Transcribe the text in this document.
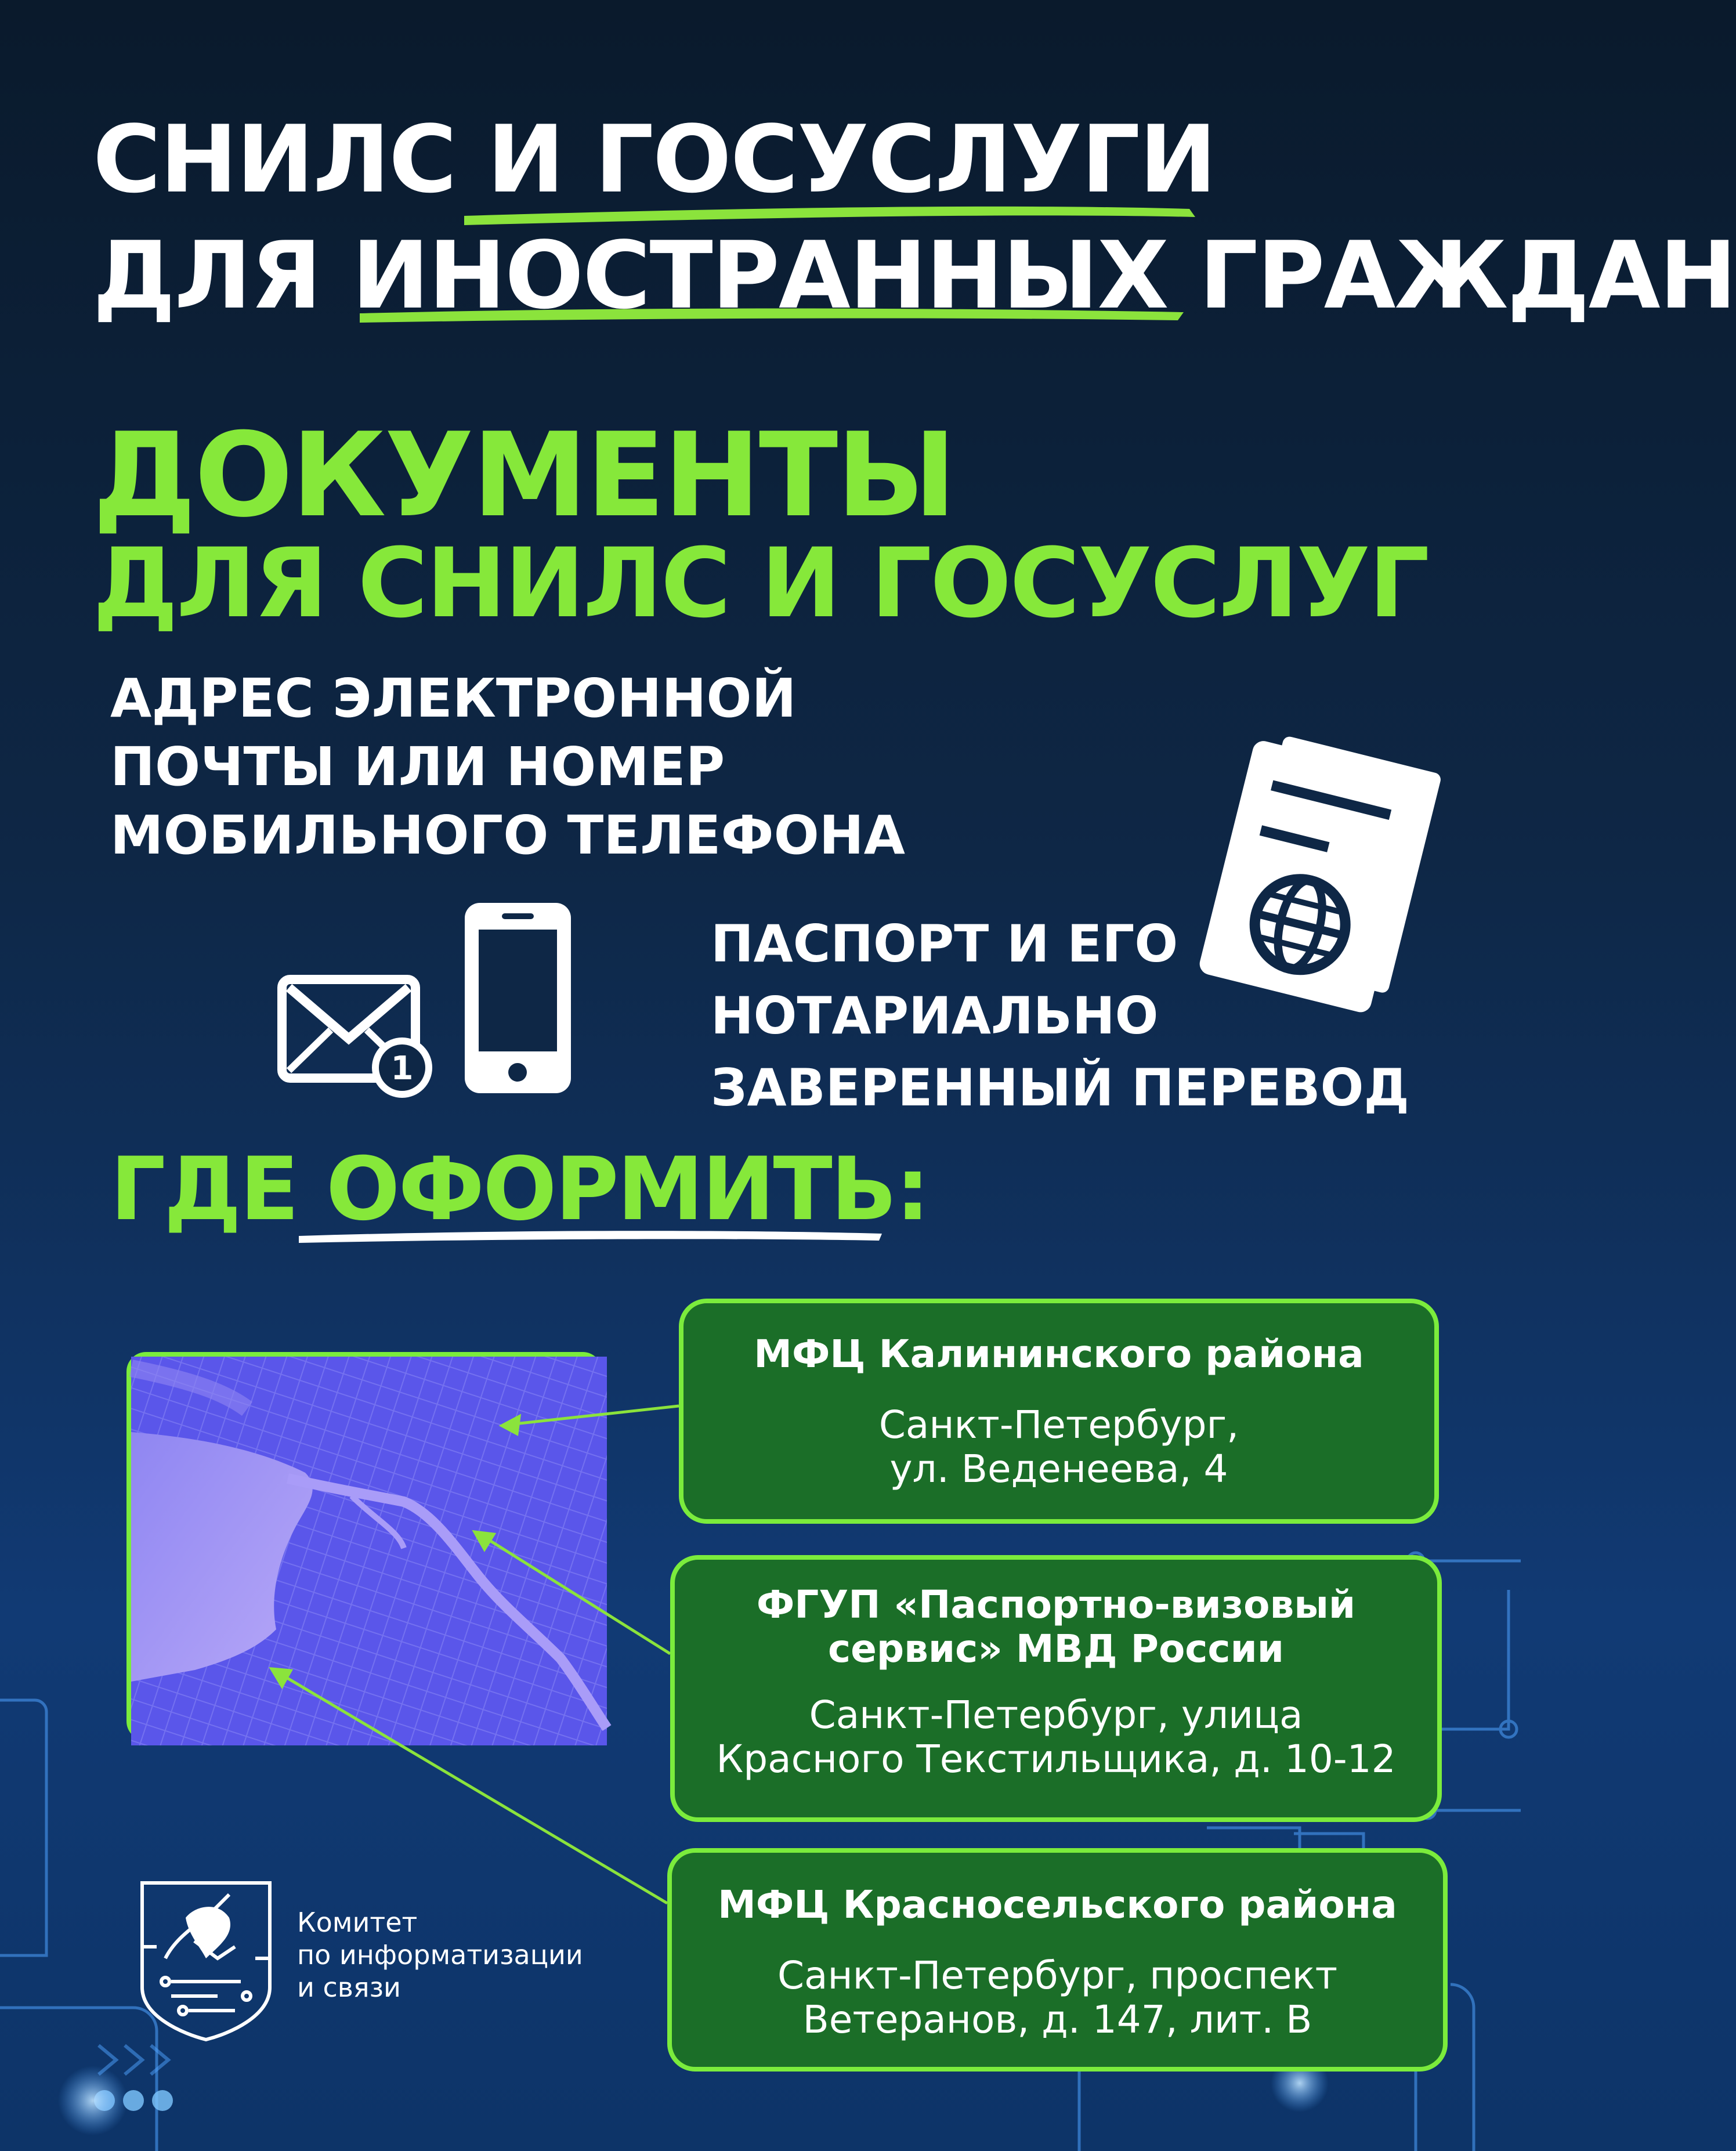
СНИЛС И ГОСУСЛУГИ
ДЛЯ ИНОСТРАННЫХ ГРАЖДАН
ДОКУМЕНТЫ
ДЛЯ СНИЛС И ГОСУСЛУГ
АДРЕС ЭЛЕКТРОННОЙ
ПОЧТЫ ИЛИ НОМЕР
МОБИЛЬНОГО ТЕЛЕФОНА
ПАСПОРТ И ЕГО
НОТАРИАЛЬНО
ЗАВЕРЕННЫЙ ПЕРЕВОД
1
ГДЕ ОФОРМИТЬ:
МФЦ Калининского района
Санкт-Петербург,
ул. Веденеева, 4
ФГУП «Паспортно-визовый
сервис» МВД России
Санкт-Петербург, улица
Красного Текстильщика, д. 10-12
МФЦ Красносельского района
Санкт-Петербург, проспект
Ветеранов, д. 147, лит. В
Комитет
по информатизации
и связи
